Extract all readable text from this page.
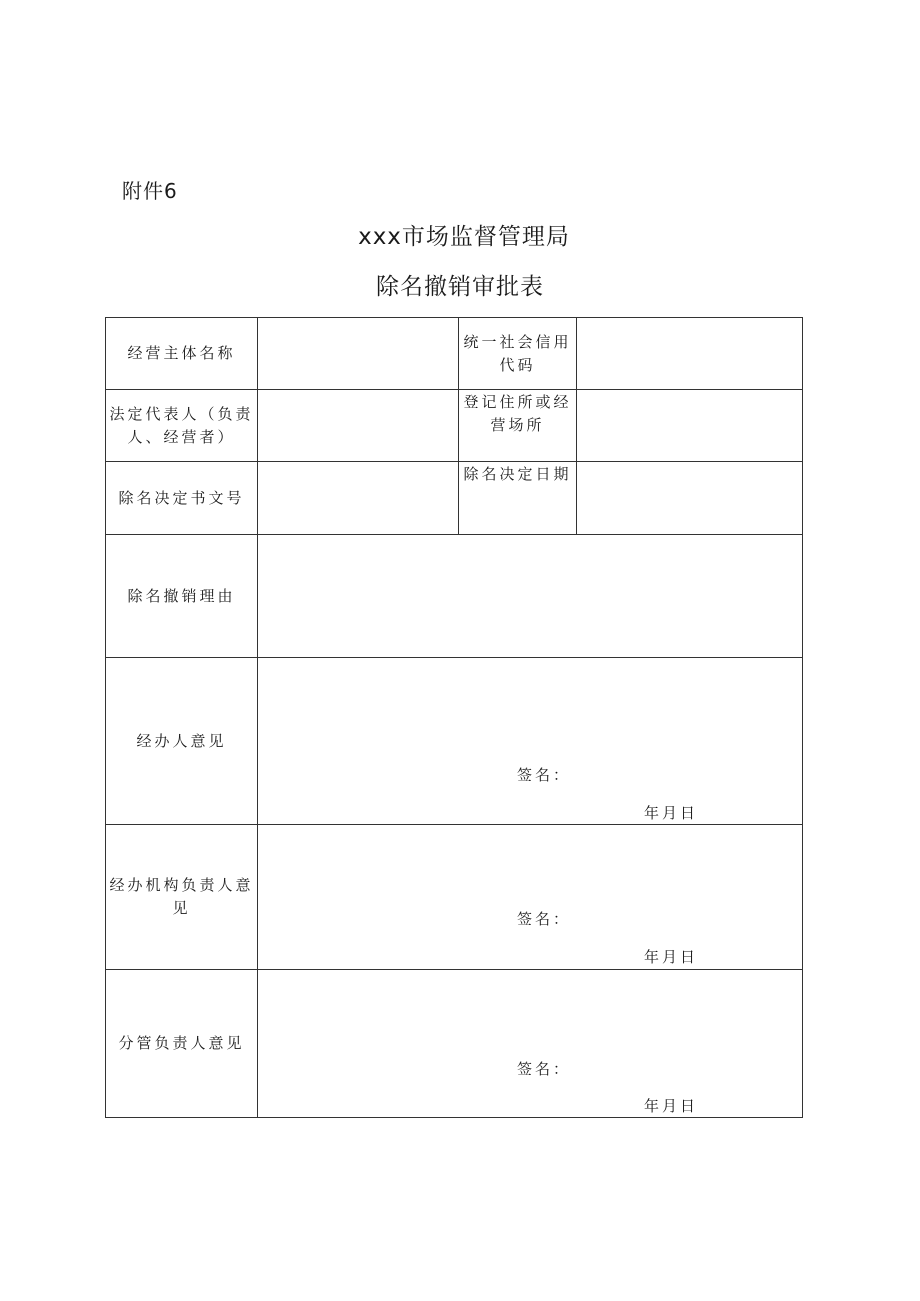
附件6
xxx市场监督管理局
除名撤销审批表
经营主体名称		统一社会信用代码	
法定代表人（负责人、经营者）		登记住所或经营场所	
除名决定书文号		除名决定日期	
除名撤销理由			
经办人意见	签名：
年月日		

经办机构负责人意见	签名：
年月日		

分管负责人意见	签名：
年月日		
